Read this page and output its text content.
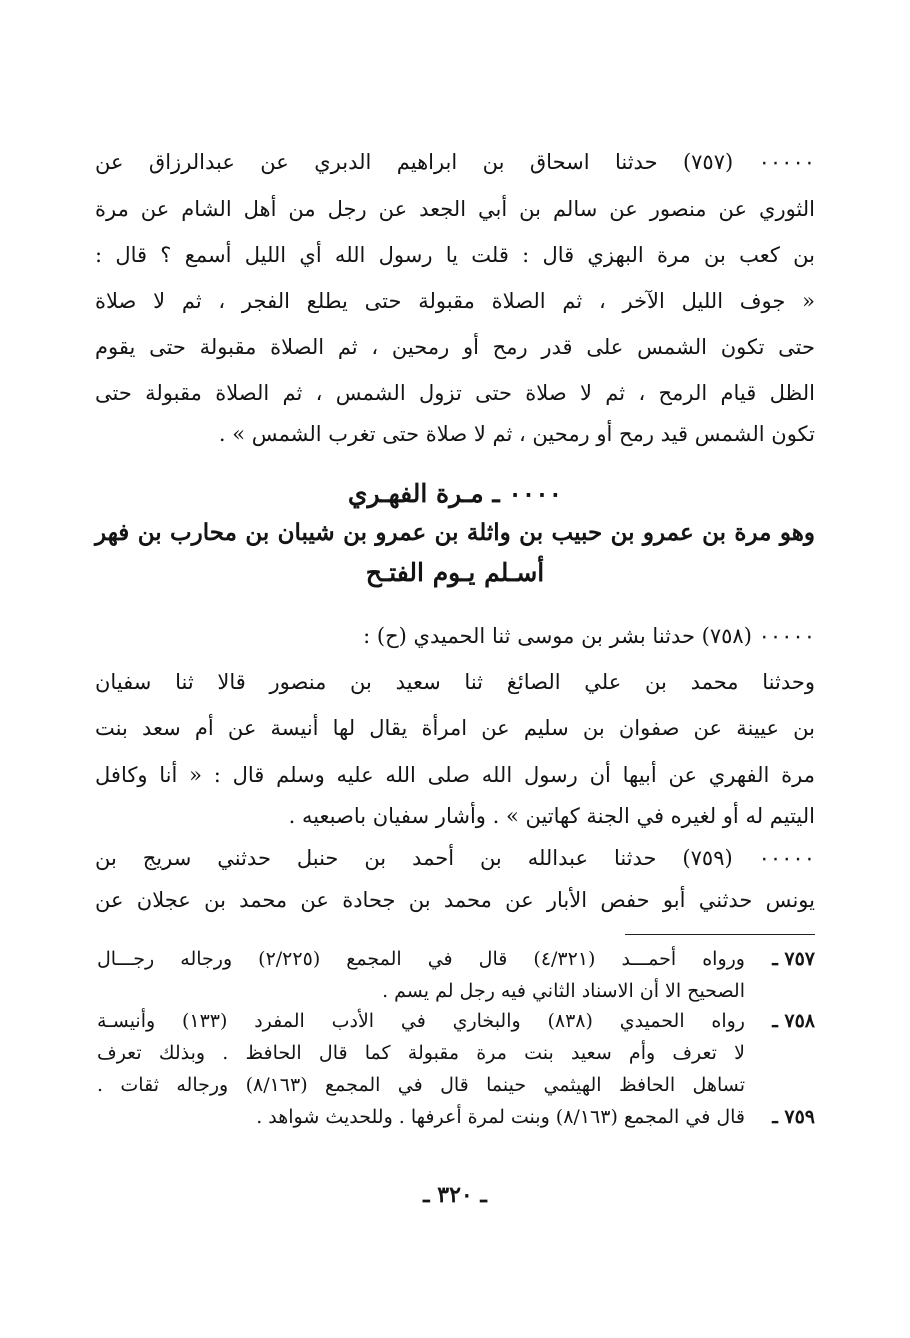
٠٠٠٠٠ (٧٥٧) حدثنا اسحاق بن ابراهيم الدبري عن عبدالرزاق عن
الثوري عن منصور عن سالم بن أبي الجعد عن رجل من أهل الشام عن مرة
بن كعب بن مرة البهزي قال : قلت يا رسول الله أي الليل أسمع ؟ قال :
« جوف الليل الآخر ، ثم الصلاة مقبولة حتى يطلع الفجر ، ثم لا صلاة
حتى تكون الشمس على قدر رمح أو رمحين ، ثم الصلاة مقبولة حتى يقوم
الظل قيام الرمح ، ثم لا صلاة حتى تزول الشمس ، ثم الصلاة مقبولة حتى
تكون الشمس قيد رمح أو رمحين ، ثم لا صلاة حتى تغرب الشمس » .
٠٠٠٠ ـ مـرة الفهـري
وهو مرة بن عمرو بن حبيب بن واثلة بن عمرو بن شيبان بن محارب بن فهر
أسـلم يـوم الفتـح
٠٠٠٠٠ (٧٥٨) حدثنا بشر بن موسى ثنا الحميدي (ح) :
وحدثنا محمد بن علي الصائغ ثنا سعيد بن منصور قالا ثنا سفيان
بن عيينة عن صفوان بن سليم عن امرأة يقال لها أنيسة عن أم سعد بنت
مرة الفهري عن أبيها أن رسول الله صلى الله عليه وسلم قال : « أنا وكافل
اليتيم له أو لغيره في الجنة كهاتين » . وأشار سفيان باصبعيه .
٠٠٠٠٠ (٧٥٩) حدثنا عبدالله بن أحمد بن حنبل حدثني سريج بن
يونس حدثني أبو حفص الأبار عن محمد بن جحادة عن محمد بن عجلان عن
٧٥٧ ـورواه أحمـــد (٤/٣٢١) قال في المجمع (٢/٢٢٥) ورجاله رجـــال
الصحيح الا أن الاسناد الثاني فيه رجل لم يسم .
٧٥٨ ـرواه الحميدي (٨٣٨) والبخاري في الأدب المفرد (١٣٣) وأنيسـة
لا تعرف وأم سعيد بنت مرة مقبولة كما قال الحافظ . وبذلك تعرف
تساهل الحافظ الهيثمي حينما قال في المجمع (٨/١٦٣) ورجاله ثقات .
٧٥٩ ـقال في المجمع (٨/١٦٣) وبنت لمرة أعرفها . وللحديث شواهد .
ـ ٣٢٠ ـ
